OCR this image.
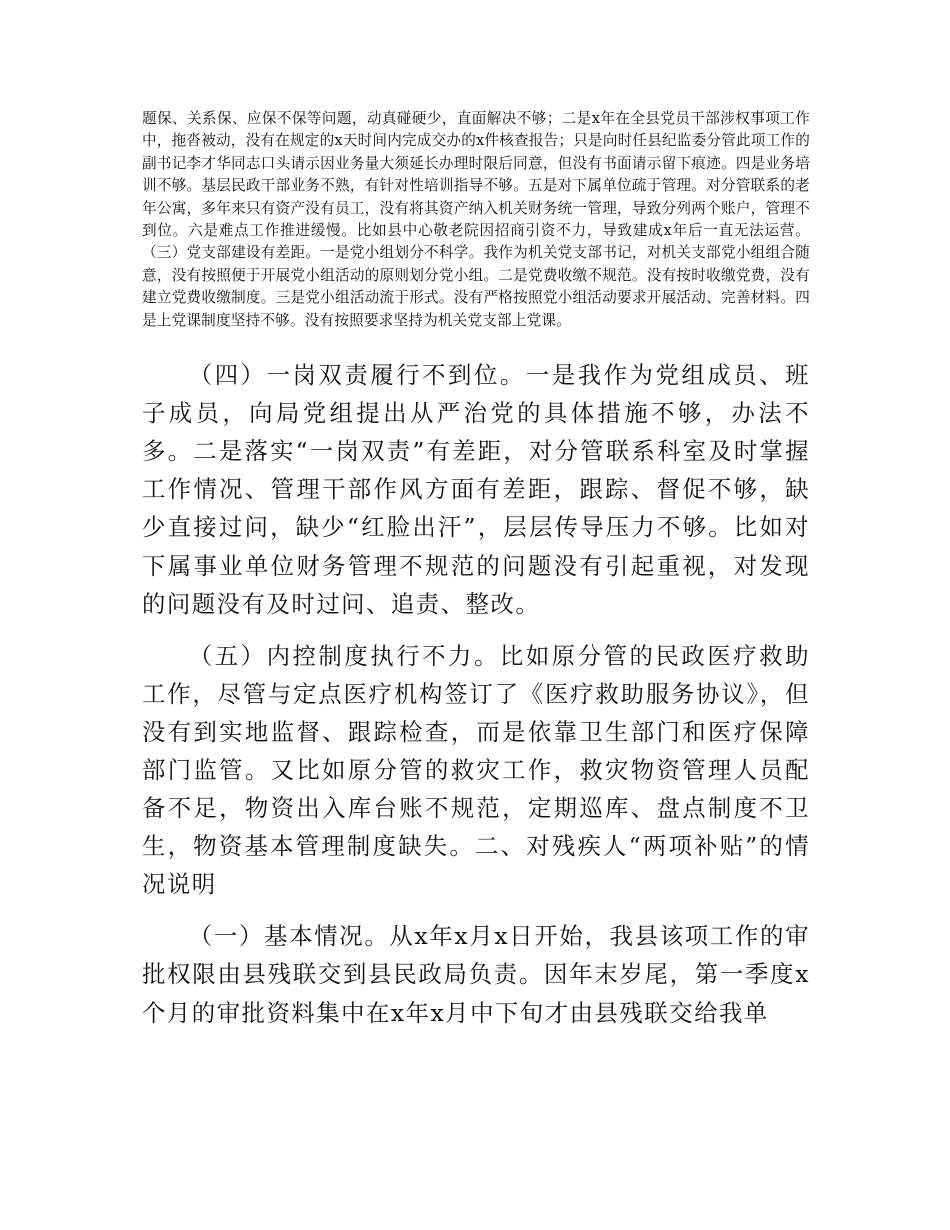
题保、关系保、应保不保等问题，动真碰硬少，直面解决不够；二是x年在全县党员干部涉权事项工作中，拖沓被动，没有在规定的x天时间内完成交办的x件核查报告；只是向时任县纪监委分管此项工作的副书记李才华同志口头请示因业务量大须延长办理时限后同意，但没有书面请示留下痕迹。四是业务培训不够。基层民政干部业务不熟，有针对性培训指导不够。五是对下属单位疏于管理。对分管联系的老年公寓，多年来只有资产没有员工，没有将其资产纳入机关财务统一管理，导致分列两个账户，管理不到位。六是难点工作推进缓慢。比如县中心敬老院因招商引资不力，导致建成x年后一直无法运营。（三）党支部建设有差距。一是党小组划分不科学。我作为机关党支部书记，对机关支部党小组组合随意，没有按照便于开展党小组活动的原则划分党小组。二是党费收缴不规范。没有按时收缴党费，没有建立党费收缴制度。三是党小组活动流于形式。没有严格按照党小组活动要求开展活动、完善材料。四是上党课制度坚持不够。没有按照要求坚持为机关党支部上党课。

（四）一岗双责履行不到位。一是我作为党组成员、班子成员，向局党组提出从严治党的具体措施不够，办法不多。二是落实“一岗双责”有差距，对分管联系科室及时掌握工作情况、管理干部作风方面有差距，跟踪、督促不够，缺少直接过问，缺少“红脸出汗”，层层传导压力不够。比如对下属事业单位财务管理不规范的问题没有引起重视，对发现的问题没有及时过问、追责、整改。

（五）内控制度执行不力。比如原分管的民政医疗救助工作，尽管与定点医疗机构签订了《医疗救助服务协议》，但没有到实地监督、跟踪检查，而是依靠卫生部门和医疗保障部门监管。又比如原分管的救灾工作，救灾物资管理人员配备不足，物资出入库台账不规范，定期巡库、盘点制度不卫生，物资基本管理制度缺失。二、对残疾人“两项补贴”的情况说明

（一）基本情况。从x年x月x日开始，我县该项工作的审批权限由县残联交到县民政局负责。因年末岁尾，第一季度x个月的审批资料集中在x年x月中下旬才由县残联交给我单
